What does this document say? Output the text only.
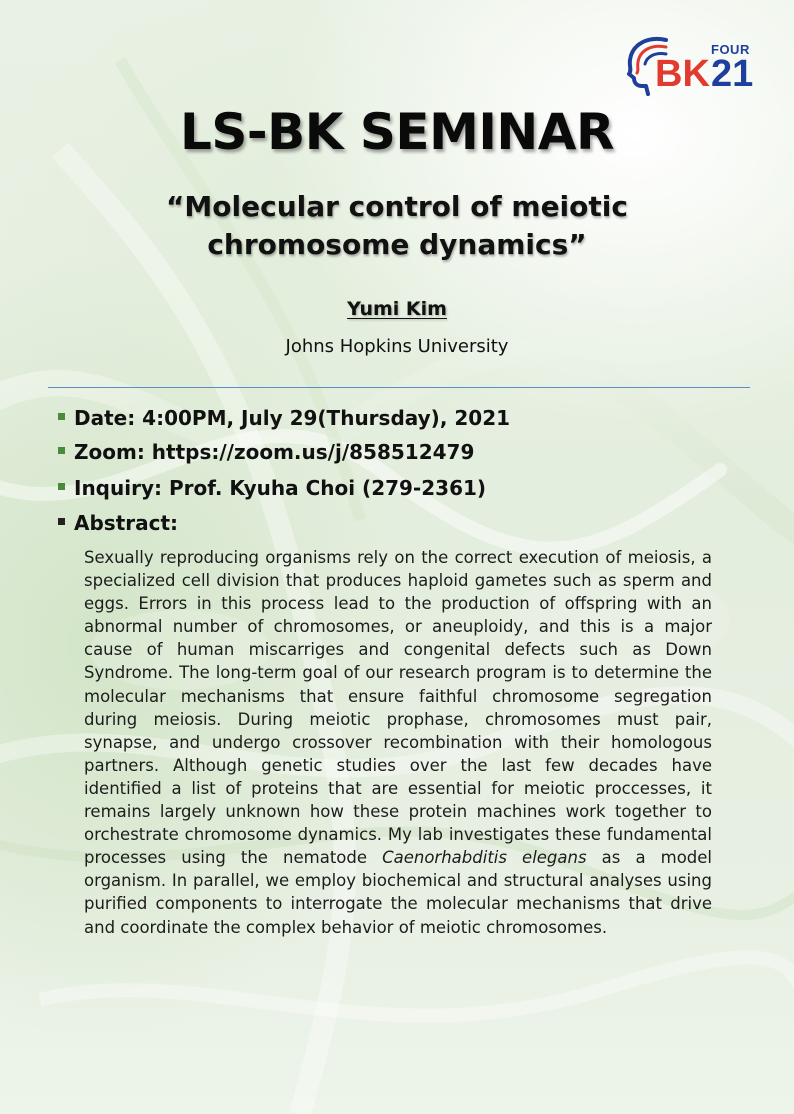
FOUR
BK 21
LS-BK SEMINAR
“Molecular control of meiotic
chromosome dynamics”
Yumi Kim
Johns Hopkins University
Date: 4:00PM, July 29(Thursday), 2021
Zoom: https://zoom.us/j/858512479
Inquiry: Prof. Kyuha Choi (279-2361)
Abstract:

Sexually reproducing organisms rely on the correct execution of meiosis, a specialized cell division that produces haploid gametes such as sperm and eggs. Errors in this process lead to the production of offspring with an abnormal number of chromosomes, or aneuploidy, and this is a major cause of human miscarriges and congenital defects such as Down Syndrome. The long-term goal of our research program is to determine the molecular mechanisms that ensure faithful chromosome segregation during meiosis. During meiotic prophase, chromosomes must pair, synapse, and undergo crossover recombination with their homologous partners. Although genetic studies over the last few decades have identified a list of proteins that are essential for meiotic proccesses, it remains largely unknown how these protein machines work together to orchestrate chromosome dynamics. My lab investigates these fundamental processes using the nematode Caenorhabditis elegans as a model organism. In parallel, we employ biochemical and structural analyses using purified components to interrogate the molecular mechanisms that drive and coordinate the complex behavior of meiotic chromosomes.
